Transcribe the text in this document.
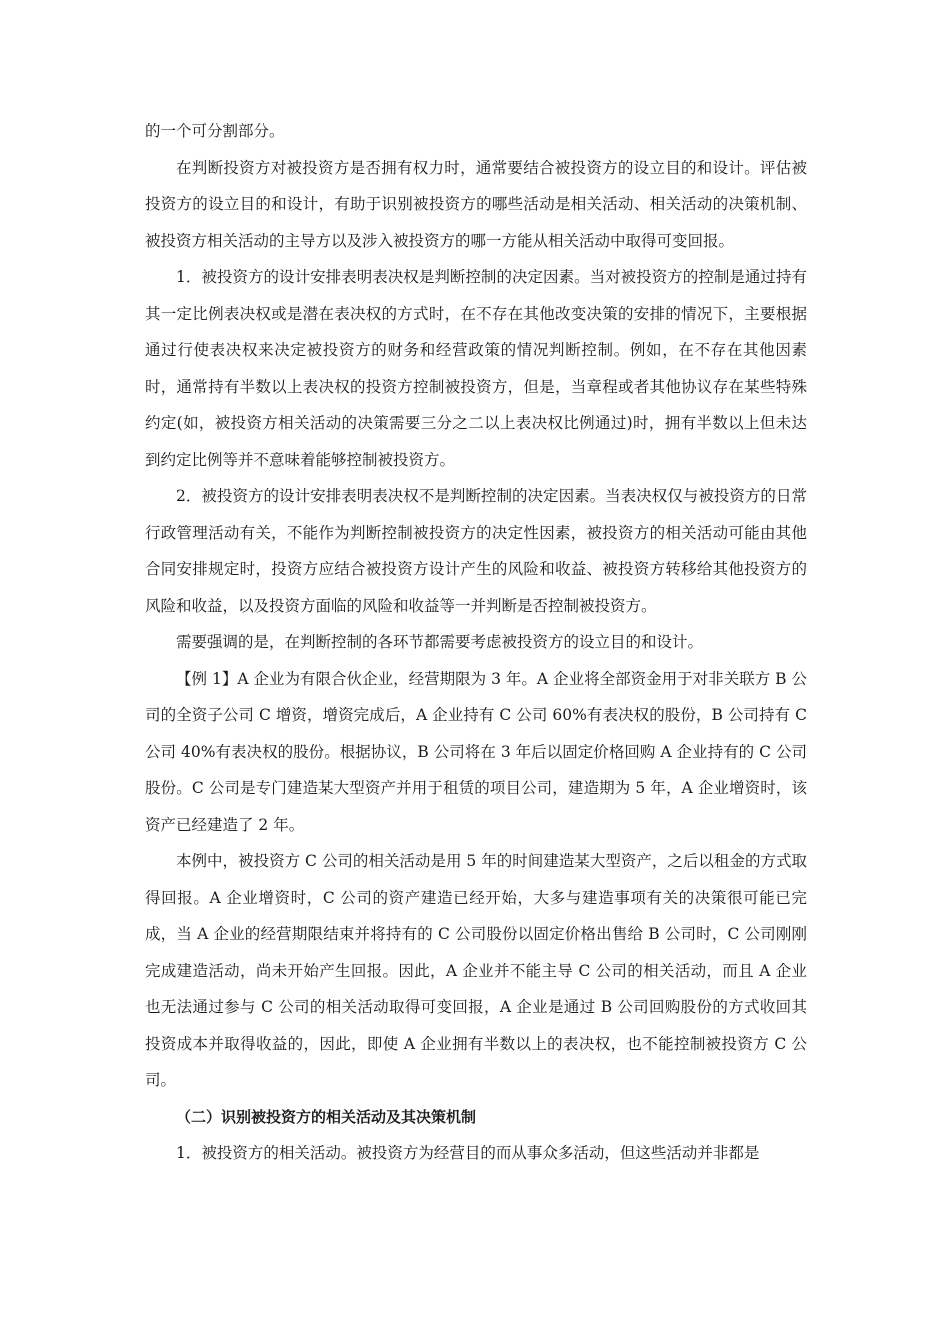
的一个可分割部分。

在判断投资方对被投资方是否拥有权力时，通常要结合被投资方的设立目的和设计。评估被投资方的设立目的和设计，有助于识别被投资方的哪些活动是相关活动、相关活动的决策机制、被投资方相关活动的主导方以及涉入被投资方的哪一方能从相关活动中取得可变回报。

1．被投资方的设计安排表明表决权是判断控制的决定因素。当对被投资方的控制是通过持有其一定比例表决权或是潜在表决权的方式时，在不存在其他改变决策的安排的情况下，主要根据通过行使表决权来决定被投资方的财务和经营政策的情况判断控制。例如，在不存在其他因素时，通常持有半数以上表决权的投资方控制被投资方，但是，当章程或者其他协议存在某些特殊约定(如，被投资方相关活动的决策需要三分之二以上表决权比例通过)时，拥有半数以上但未达到约定比例等并不意味着能够控制被投资方。

2．被投资方的设计安排表明表决权不是判断控制的决定因素。当表决权仅与被投资方的日常行政管理活动有关，不能作为判断控制被投资方的决定性因素，被投资方的相关活动可能由其他合同安排规定时，投资方应结合被投资方设计产生的风险和收益、被投资方转移给其他投资方的风险和收益，以及投资方面临的风险和收益等一并判断是否控制被投资方。

需要强调的是，在判断控制的各环节都需要考虑被投资方的设立目的和设计。

【例 1】A 企业为有限合伙企业，经营期限为 3 年。A 企业将全部资金用于对非关联方 B 公司的全资子公司 C 增资，增资完成后，A 企业持有 C 公司 60%有表决权的股份，B 公司持有 C 公司 40%有表决权的股份。根据协议，B 公司将在 3 年后以固定价格回购 A 企业持有的 C 公司股份。C 公司是专门建造某大型资产并用于租赁的项目公司，建造期为 5 年，A 企业增资时，该资产已经建造了 2 年。

本例中，被投资方 C 公司的相关活动是用 5 年的时间建造某大型资产，之后以租金的方式取得回报。A 企业增资时，C 公司的资产建造已经开始，大多与建造事项有关的决策很可能已完成，当 A 企业的经营期限结束并将持有的 C 公司股份以固定价格出售给 B 公司时，C 公司刚刚完成建造活动，尚未开始产生回报。因此，A 企业并不能主导 C 公司的相关活动，而且 A 企业也无法通过参与 C 公司的相关活动取得可变回报，A 企业是通过 B 公司回购股份的方式收回其投资成本并取得收益的，因此，即使 A 企业拥有半数以上的表决权，也不能控制被投资方 C 公司。

（二）识别被投资方的相关活动及其决策机制

1．被投资方的相关活动。被投资方为经营目的而从事众多活动，但这些活动并非都是
